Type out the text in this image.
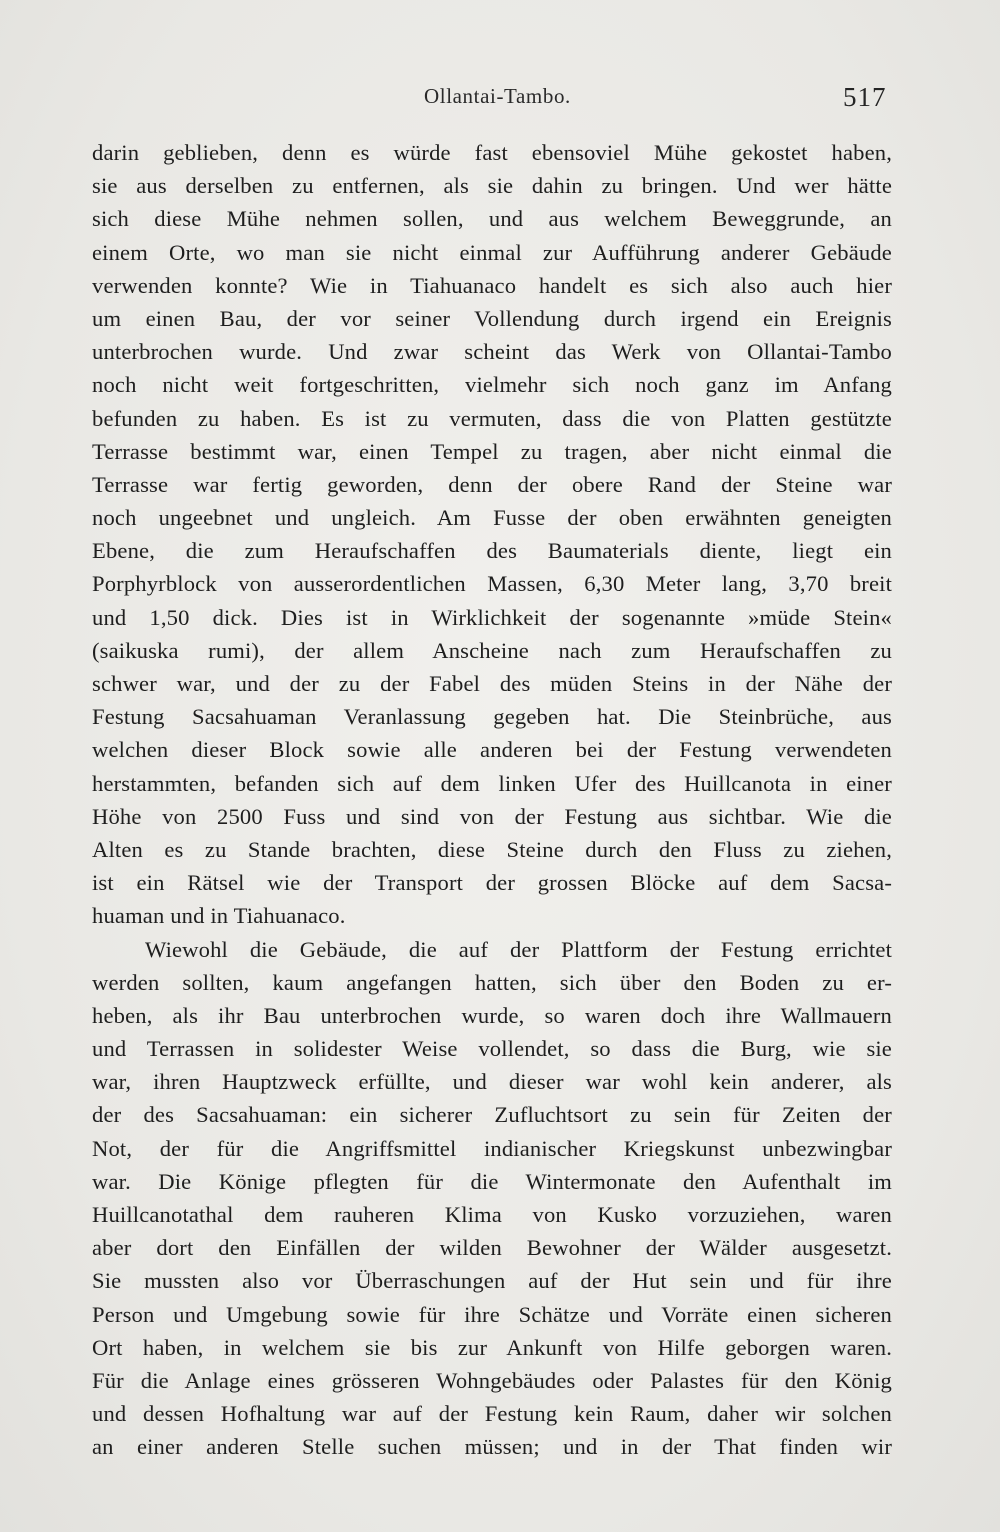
Ollantai-Tambo.	517
darin geblieben, denn es würde fast ebensoviel Mühe gekostet haben,
sie aus derselben zu entfernen, als sie dahin zu bringen. Und wer hätte
sich diese Mühe nehmen sollen, und aus welchem Beweggrunde, an
einem Orte, wo man sie nicht einmal zur Aufführung anderer Gebäude
verwenden konnte? Wie in Tiahuanaco handelt es sich also auch hier
um einen Bau, der vor seiner Vollendung durch irgend ein Ereignis
unterbrochen wurde. Und zwar scheint das Werk von Ollantai-Tambo
noch nicht weit fortgeschritten, vielmehr sich noch ganz im Anfang
befunden zu haben. Es ist zu vermuten, dass die von Platten gestützte
Terrasse bestimmt war, einen Tempel zu tragen, aber nicht einmal die
Terrasse war fertig geworden, denn der obere Rand der Steine war
noch ungeebnet und ungleich. Am Fusse der oben erwähnten geneigten
Ebene, die zum Heraufschaffen des Baumaterials diente, liegt ein
Porphyrblock von ausserordentlichen Massen, 6,30 Meter lang, 3,70 breit
und 1,50 dick. Dies ist in Wirklichkeit der sogenannte »müde Stein«
(saikuska rumi), der allem Anscheine nach zum Heraufschaffen zu
schwer war, und der zu der Fabel des müden Steins in der Nähe der
Festung Sacsahuaman Veranlassung gegeben hat. Die Steinbrüche, aus
welchen dieser Block sowie alle anderen bei der Festung verwendeten
herstammten, befanden sich auf dem linken Ufer des Huillcanota in einer
Höhe von 2500 Fuss und sind von der Festung aus sichtbar. Wie die
Alten es zu Stande brachten, diese Steine durch den Fluss zu ziehen,
ist ein Rätsel wie der Transport der grossen Blöcke auf dem Sacsa-
huaman und in Tiahuanaco.
Wiewohl die Gebäude, die auf der Plattform der Festung errichtet
werden sollten, kaum angefangen hatten, sich über den Boden zu er-
heben, als ihr Bau unterbrochen wurde, so waren doch ihre Wallmauern
und Terrassen in solidester Weise vollendet, so dass die Burg, wie sie
war, ihren Hauptzweck erfüllte, und dieser war wohl kein anderer, als
der des Sacsahuaman: ein sicherer Zufluchtsort zu sein für Zeiten der
Not, der für die Angriffsmittel indianischer Kriegskunst unbezwingbar
war. Die Könige pflegten für die Wintermonate den Aufenthalt im
Huillcanotathal dem rauheren Klima von Kusko vorzuziehen, waren
aber dort den Einfällen der wilden Bewohner der Wälder ausgesetzt.
Sie mussten also vor Überraschungen auf der Hut sein und für ihre
Person und Umgebung sowie für ihre Schätze und Vorräte einen sicheren
Ort haben, in welchem sie bis zur Ankunft von Hilfe geborgen waren.
Für die Anlage eines grösseren Wohngebäudes oder Palastes für den König
und dessen Hofhaltung war auf der Festung kein Raum, daher wir solchen
an einer anderen Stelle suchen müssen; und in der That finden wir
